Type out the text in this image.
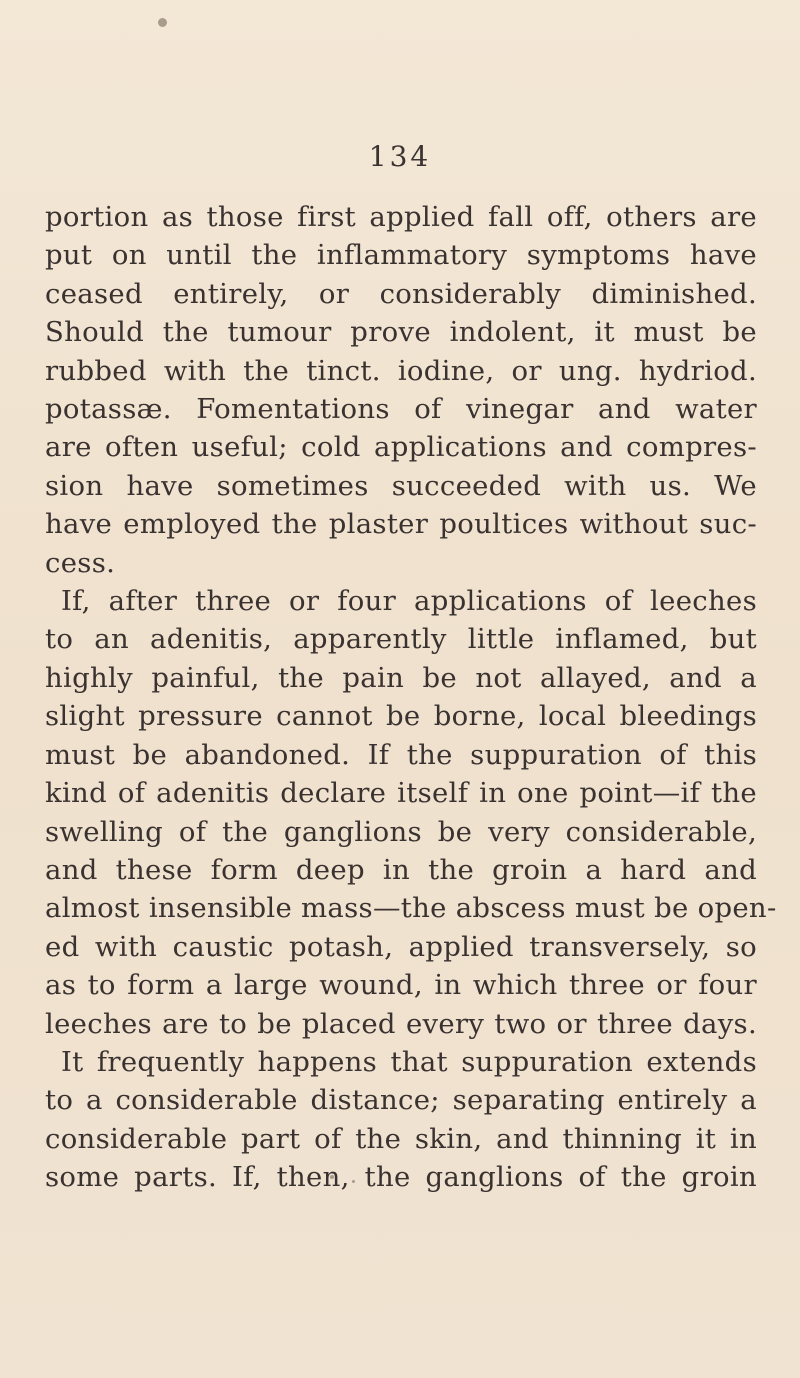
134
portion as those first applied fall off, others are
put on until the inflammatory symptoms have
ceased entirely, or considerably diminished.
Should the tumour prove indolent, it must be
rubbed with the tinct. iodine, or ung. hydriod.
potassæ. Fomentations of vinegar and water
are often useful; cold applications and compres-
sion have sometimes succeeded with us. We
have employed the plaster poultices without suc-
cess.
If, after three or four applications of leeches
to an adenitis, apparently little inflamed, but
highly painful, the pain be not allayed, and a
slight pressure cannot be borne, local bleedings
must be abandoned. If the suppuration of this
kind of adenitis declare itself in one point—if the
swelling of the ganglions be very considerable,
and these form deep in the groin a hard and
almost insensible mass—the abscess must be open-
ed with caustic potash, applied transversely, so
as to form a large wound, in which three or four
leeches are to be placed every two or three days.
It frequently happens that suppuration extends
to a considerable distance; separating entirely a
considerable part of the skin, and thinning it in
some parts. If, then, the ganglions of the groin
